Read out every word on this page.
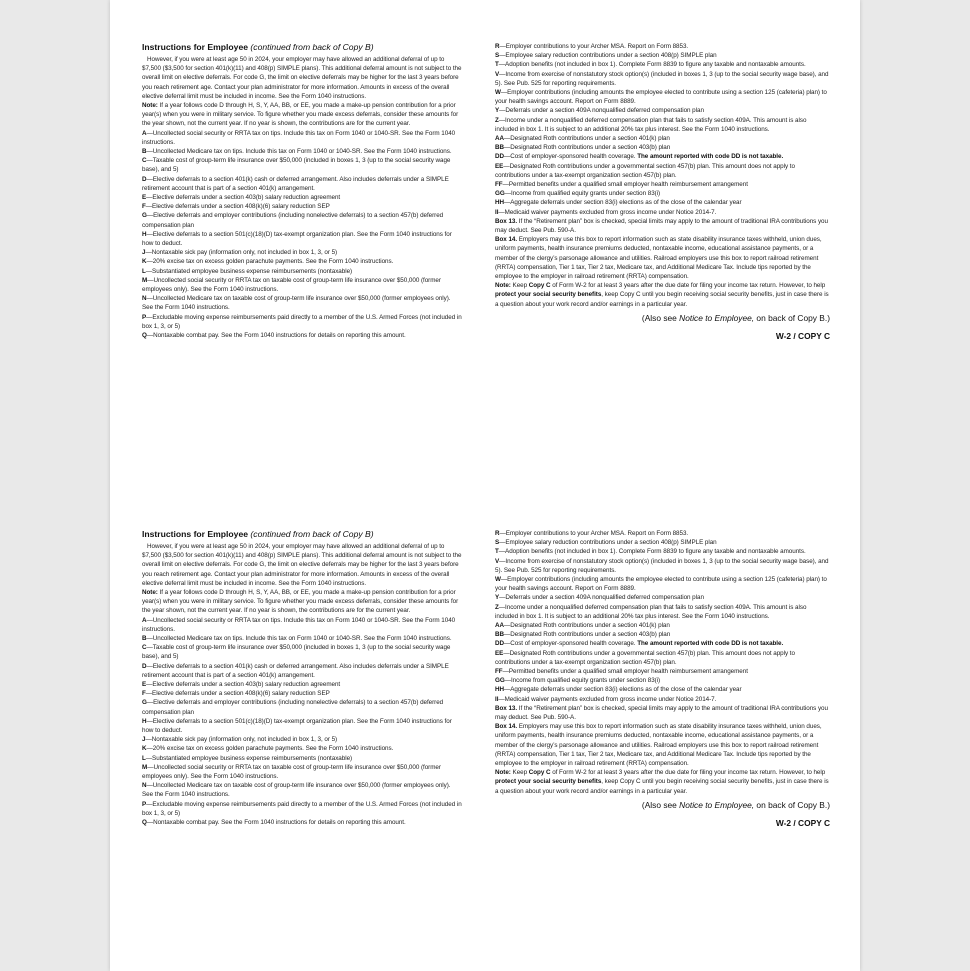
Instructions for Employee (continued from back of Copy B)

However, if you were at least age 50 in 2024, your employer may have allowed an additional deferral of up to $7,500 ($3,500 for section 401(k)(11) and 408(p) SIMPLE plans). This additional deferral amount is not subject to the overall limit on elective deferrals. For code G, the limit on elective deferrals may be higher for the last 3 years before you reach retirement age. Contact your plan administrator for more information. Amounts in excess of the overall elective deferral limit must be included in income. See the Form 1040 instructions.

Note: If a year follows code D through H, S, Y, AA, BB, or EE, you made a make-up pension contribution for a prior year(s) when you were in military service. To figure whether you made excess deferrals, consider these amounts for the year shown, not the current year. If no year is shown, the contributions are for the current year.

A—Uncollected social security or RRTA tax on tips. Include this tax on Form 1040 or 1040-SR. See the Form 1040 instructions.

B—Uncollected Medicare tax on tips. Include this tax on Form 1040 or 1040-SR. See the Form 1040 instructions.

C—Taxable cost of group-term life insurance over $50,000 (included in boxes 1, 3 (up to the social security wage base), and 5)

D—Elective deferrals to a section 401(k) cash or deferred arrangement. Also includes deferrals under a SIMPLE retirement account that is part of a section 401(k) arrangement.

E—Elective deferrals under a section 403(b) salary reduction agreement

F—Elective deferrals under a section 408(k)(6) salary reduction SEP

G—Elective deferrals and employer contributions (including nonelective deferrals) to a section 457(b) deferred compensation plan

H—Elective deferrals to a section 501(c)(18)(D) tax-exempt organization plan. See the Form 1040 instructions for how to deduct.

J—Nontaxable sick pay (information only, not included in box 1, 3, or 5)

K—20% excise tax on excess golden parachute payments. See the Form 1040 instructions.

L—Substantiated employee business expense reimbursements (nontaxable)

M—Uncollected social security or RRTA tax on taxable cost of group-term life insurance over $50,000 (former employees only). See the Form 1040 instructions.

N—Uncollected Medicare tax on taxable cost of group-term life insurance over $50,000 (former employees only). See the Form 1040 instructions.

P—Excludable moving expense reimbursements paid directly to a member of the U.S. Armed Forces (not included in box 1, 3, or 5)

Q—Nontaxable combat pay. See the Form 1040 instructions for details on reporting this amount.

R—Employer contributions to your Archer MSA. Report on Form 8853.

S—Employee salary reduction contributions under a section 408(p) SIMPLE plan

T—Adoption benefits (not included in box 1). Complete Form 8839 to figure any taxable and nontaxable amounts.

V—Income from exercise of nonstatutory stock option(s) (included in boxes 1, 3 (up to the social security wage base), and 5). See Pub. 525 for reporting requirements.

W—Employer contributions (including amounts the employee elected to contribute using a section 125 (cafeteria) plan) to your health savings account. Report on Form 8889.

Y—Deferrals under a section 409A nonqualified deferred compensation plan

Z—Income under a nonqualified deferred compensation plan that fails to satisfy section 409A. This amount is also included in box 1. It is subject to an additional 20% tax plus interest. See the Form 1040 instructions.

AA—Designated Roth contributions under a section 401(k) plan

BB—Designated Roth contributions under a section 403(b) plan

DD—Cost of employer-sponsored health coverage. The amount reported with code DD is not taxable.

EE—Designated Roth contributions under a governmental section 457(b) plan. This amount does not apply to contributions under a tax-exempt organization section 457(b) plan.

FF—Permitted benefits under a qualified small employer health reimbursement arrangement

GG—Income from qualified equity grants under section 83(i)

HH—Aggregate deferrals under section 83(i) elections as of the close of the calendar year

II—Medicaid waiver payments excluded from gross income under Notice 2014-7.

Box 13. If the “Retirement plan” box is checked, special limits may apply to the amount of traditional IRA contributions you may deduct. See Pub. 590-A.

Box 14. Employers may use this box to report information such as state disability insurance taxes withheld, union dues, uniform payments, health insurance premiums deducted, nontaxable income, educational assistance payments, or a member of the clergy’s parsonage allowance and utilities. Railroad employers use this box to report railroad retirement (RRTA) compensation, Tier 1 tax, Tier 2 tax, Medicare tax, and Additional Medicare Tax. Include tips reported by the employee to the employer in railroad retirement (RRTA) compensation.

Note: Keep Copy C of Form W-2 for at least 3 years after the due date for filing your income tax return. However, to help protect your social security benefits, keep Copy C until you begin receiving social security benefits, just in case there is a question about your work record and/or earnings in a particular year.

(Also see Notice to Employee, on back of Copy B.)
W-2 / COPY C

Instructions for Employee (continued from back of Copy B)

However, if you were at least age 50 in 2024, your employer may have allowed an additional deferral of up to $7,500 ($3,500 for section 401(k)(11) and 408(p) SIMPLE plans). This additional deferral amount is not subject to the overall limit on elective deferrals. For code G, the limit on elective deferrals may be higher for the last 3 years before you reach retirement age. Contact your plan administrator for more information. Amounts in excess of the overall elective deferral limit must be included in income. See the Form 1040 instructions.

Note: If a year follows code D through H, S, Y, AA, BB, or EE, you made a make-up pension contribution for a prior year(s) when you were in military service. To figure whether you made excess deferrals, consider these amounts for the year shown, not the current year. If no year is shown, the contributions are for the current year.

A—Uncollected social security or RRTA tax on tips. Include this tax on Form 1040 or 1040-SR. See the Form 1040 instructions.

B—Uncollected Medicare tax on tips. Include this tax on Form 1040 or 1040-SR. See the Form 1040 instructions.

C—Taxable cost of group-term life insurance over $50,000 (included in boxes 1, 3 (up to the social security wage base), and 5)

D—Elective deferrals to a section 401(k) cash or deferred arrangement. Also includes deferrals under a SIMPLE retirement account that is part of a section 401(k) arrangement.

E—Elective deferrals under a section 403(b) salary reduction agreement

F—Elective deferrals under a section 408(k)(6) salary reduction SEP

G—Elective deferrals and employer contributions (including nonelective deferrals) to a section 457(b) deferred compensation plan

H—Elective deferrals to a section 501(c)(18)(D) tax-exempt organization plan. See the Form 1040 instructions for how to deduct.

J—Nontaxable sick pay (information only, not included in box 1, 3, or 5)

K—20% excise tax on excess golden parachute payments. See the Form 1040 instructions.

L—Substantiated employee business expense reimbursements (nontaxable)

M—Uncollected social security or RRTA tax on taxable cost of group-term life insurance over $50,000 (former employees only). See the Form 1040 instructions.

N—Uncollected Medicare tax on taxable cost of group-term life insurance over $50,000 (former employees only). See the Form 1040 instructions.

P—Excludable moving expense reimbursements paid directly to a member of the U.S. Armed Forces (not included in box 1, 3, or 5)

Q—Nontaxable combat pay. See the Form 1040 instructions for details on reporting this amount.

R—Employer contributions to your Archer MSA. Report on Form 8853.

S—Employee salary reduction contributions under a section 408(p) SIMPLE plan

T—Adoption benefits (not included in box 1). Complete Form 8839 to figure any taxable and nontaxable amounts.

V—Income from exercise of nonstatutory stock option(s) (included in boxes 1, 3 (up to the social security wage base), and 5). See Pub. 525 for reporting requirements.

W—Employer contributions (including amounts the employee elected to contribute using a section 125 (cafeteria) plan) to your health savings account. Report on Form 8889.

Y—Deferrals under a section 409A nonqualified deferred compensation plan

Z—Income under a nonqualified deferred compensation plan that fails to satisfy section 409A. This amount is also included in box 1. It is subject to an additional 20% tax plus interest. See the Form 1040 instructions.

AA—Designated Roth contributions under a section 401(k) plan

BB—Designated Roth contributions under a section 403(b) plan

DD—Cost of employer-sponsored health coverage. The amount reported with code DD is not taxable.

EE—Designated Roth contributions under a governmental section 457(b) plan. This amount does not apply to contributions under a tax-exempt organization section 457(b) plan.

FF—Permitted benefits under a qualified small employer health reimbursement arrangement

GG—Income from qualified equity grants under section 83(i)

HH—Aggregate deferrals under section 83(i) elections as of the close of the calendar year

II—Medicaid waiver payments excluded from gross income under Notice 2014-7.

Box 13. If the “Retirement plan” box is checked, special limits may apply to the amount of traditional IRA contributions you may deduct. See Pub. 590-A.

Box 14. Employers may use this box to report information such as state disability insurance taxes withheld, union dues, uniform payments, health insurance premiums deducted, nontaxable income, educational assistance payments, or a member of the clergy’s parsonage allowance and utilities. Railroad employers use this box to report railroad retirement (RRTA) compensation, Tier 1 tax, Tier 2 tax, Medicare tax, and Additional Medicare Tax. Include tips reported by the employee to the employer in railroad retirement (RRTA) compensation.

Note: Keep Copy C of Form W-2 for at least 3 years after the due date for filing your income tax return. However, to help protect your social security benefits, keep Copy C until you begin receiving social security benefits, just in case there is a question about your work record and/or earnings in a particular year.

(Also see Notice to Employee, on back of Copy B.)
W-2 / COPY C
